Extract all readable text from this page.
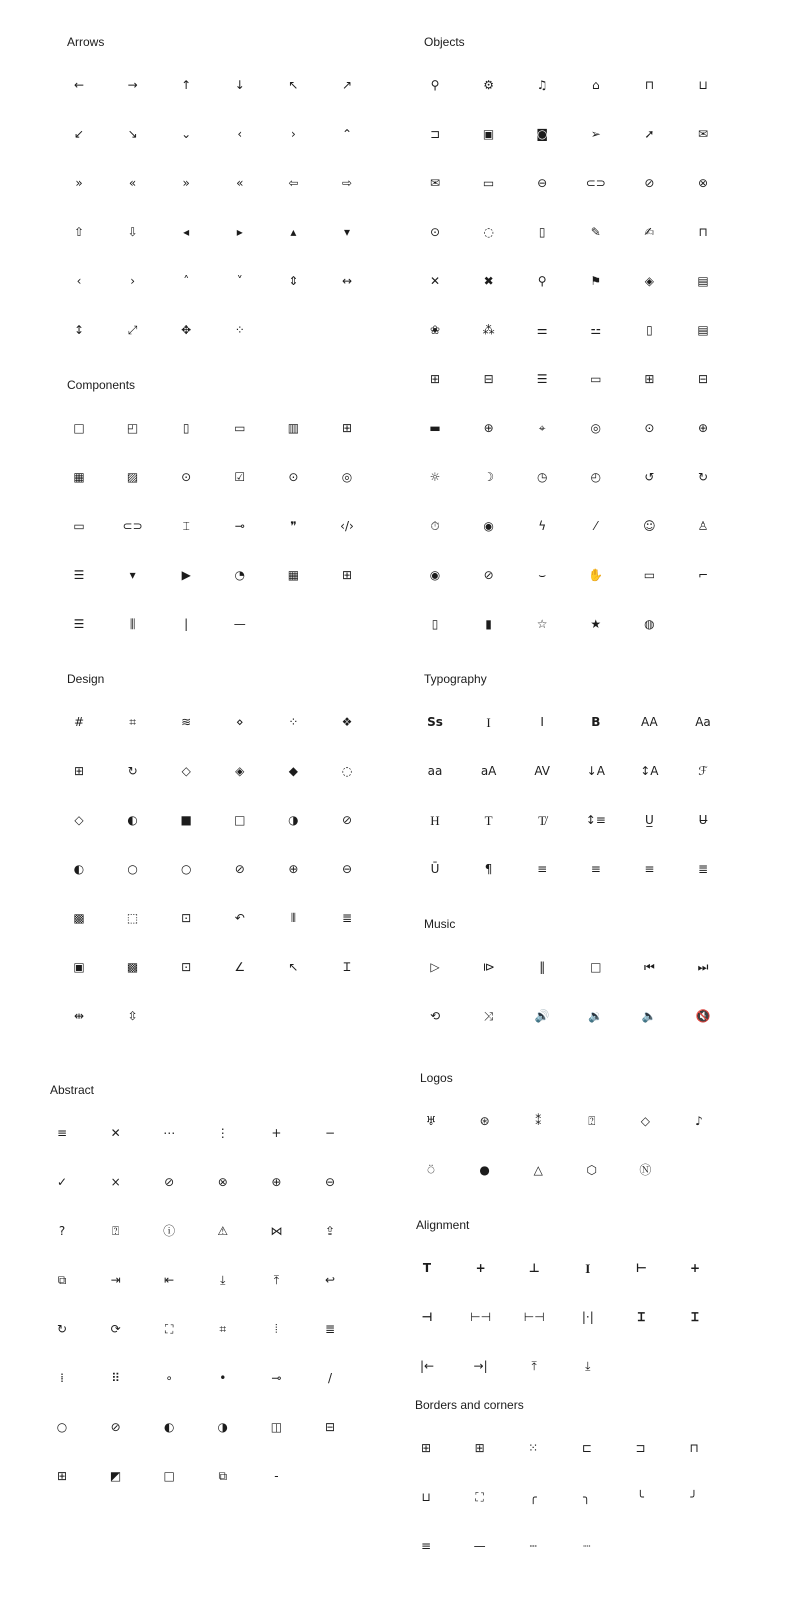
Arrows
←	→	↑	↓	↖	↗
↙	↘	⌄	‹	›	⌃
»	«	»	«	⇦	⇨
⇧	⇩	◂	▸	▴	▾
‹	›	˄	˅	⇕	↔
↕	⤢	✥	⁘
Objects
⚲	⚙	♫	⌂	⊓	⊔
⊐	▣	◙	➢	➚	✉
✉	▭	⊖	⊂⊃	⊘	⊗
⊙	◌	▯	✎	✍	⊓
✕	✖	⚲	⚑	◈	▤
❀	⁂	⚌	⚍	▯	▤
⊞	⊟	☰	▭	⊞	⊟
▬	⊕	⌖	◎	⊙	⊕
☼	☽	◷	◴	↺	↻
⏱	◉	ϟ	⁄	☺	♙
◉	⊘	⌣	✋	▭	⌐
▯	▮	☆	★	◍
Components
□	◰	▯	▭	▥	⊞
▦	▨	⊙	☑	⊙	◎
▭	⊂⊃	⌶	⊸	❞	‹/›
☰	▾	▶	◔	▦	⊞
☰	⫼	|	—
Design
#	⌗	≋	⋄	⁘	❖
⊞	↻	◇	◈	◆	◌
◇	◐	■	□	◑	⊘
◐	○	○	⊘	⊕	⊖
▩	⬚	⊡	↶	⦀	≣
▣	▩	⊡	∠	↖	Ɪ
⇹	⇳
Typography
Ss	I	I	B	AA	Aa
aa	aA	AV	↓A	↕A	ℱ
H	T	T̸	↕≡	U̲	U̶
Ū	¶	≡	≡	≡	≣
Music
▷	⧐	‖	□	⏮	⏭
⟲	⤨	🔊	🔉	🔈	🔇
Abstract
≡	✕	⋯	⋮	+	−
✓	×	⊘	⊗	⊕	⊖
?	⍰	ⓘ	⚠	⋈	⇪
⧉	⇥	⇤	⤓	⤒	↩
↻	⟳	⛶	⌗	⦙	≣
⁞	⠿	∘	•	⊸	/
○	⊘	◐	◑	◫	⊟
⊞	◩	□	⧉	-
Logos
♅	⊛	⁑	⍰	◇	♪
⍥	●	△	⬡	Ⓝ
Alignment
T	+	⊥	I	⊢	+
⊣	⊢⊣	⊢⊣	|⋅|	Ɪ	Ɪ
|←	→|	⤒	⤓
Borders and corners
⊞	⊞	⁙	⊏	⊐	⊓
⊔	⛶	╭	╮	╰	╯
≡	—	┄	┈
